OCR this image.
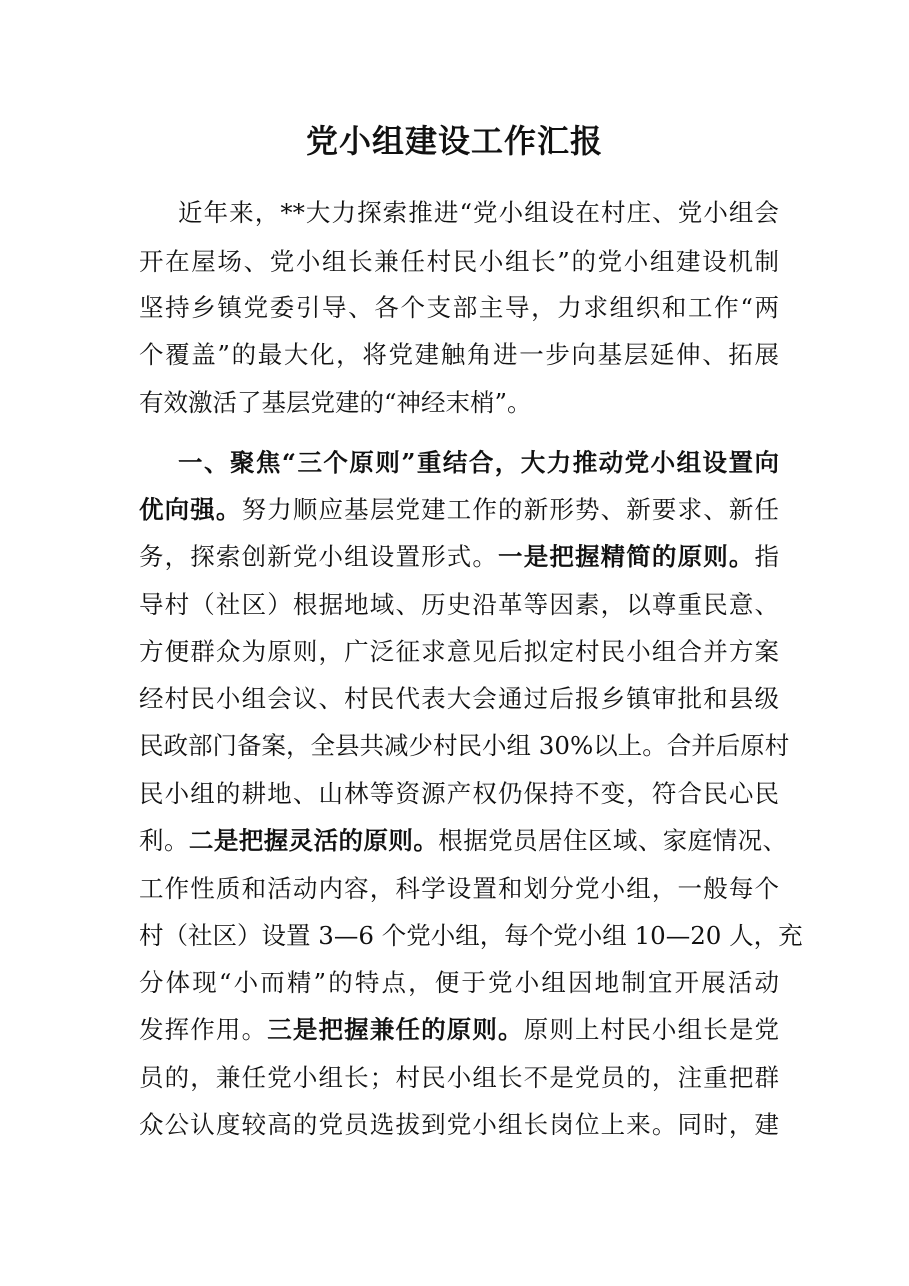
党小组建设工作汇报
近年来，**大力探索推进“党小组设在村庄、党小组会
开在屋场、党小组长兼任村民小组长”的党小组建设机制
坚持乡镇党委引导、各个支部主导，力求组织和工作“两
个覆盖”的最大化，将党建触角进一步向基层延伸、拓展
有效激活了基层党建的“神经末梢”。
一、聚焦“三个原则”重结合，大力推动党小组设置向
优向强。努力顺应基层党建工作的新形势、新要求、新任
务，探索创新党小组设置形式。一是把握精简的原则。指
导村（社区）根据地域、历史沿革等因素，以尊重民意、
方便群众为原则，广泛征求意见后拟定村民小组合并方案
经村民小组会议、村民代表大会通过后报乡镇审批和县级
民政部门备案，全县共减少村民小组 30%以上。合并后原村
民小组的耕地、山林等资源产权仍保持不变，符合民心民
利。二是把握灵活的原则。根据党员居住区域、家庭情况、
工作性质和活动内容，科学设置和划分党小组，一般每个
村（社区）设置 3—6 个党小组，每个党小组 10—20 人，充
分体现“小而精”的特点，便于党小组因地制宜开展活动
发挥作用。三是把握兼任的原则。原则上村民小组长是党
员的，兼任党小组长；村民小组长不是党员的，注重把群
众公认度较高的党员选拔到党小组长岗位上来。同时，建
